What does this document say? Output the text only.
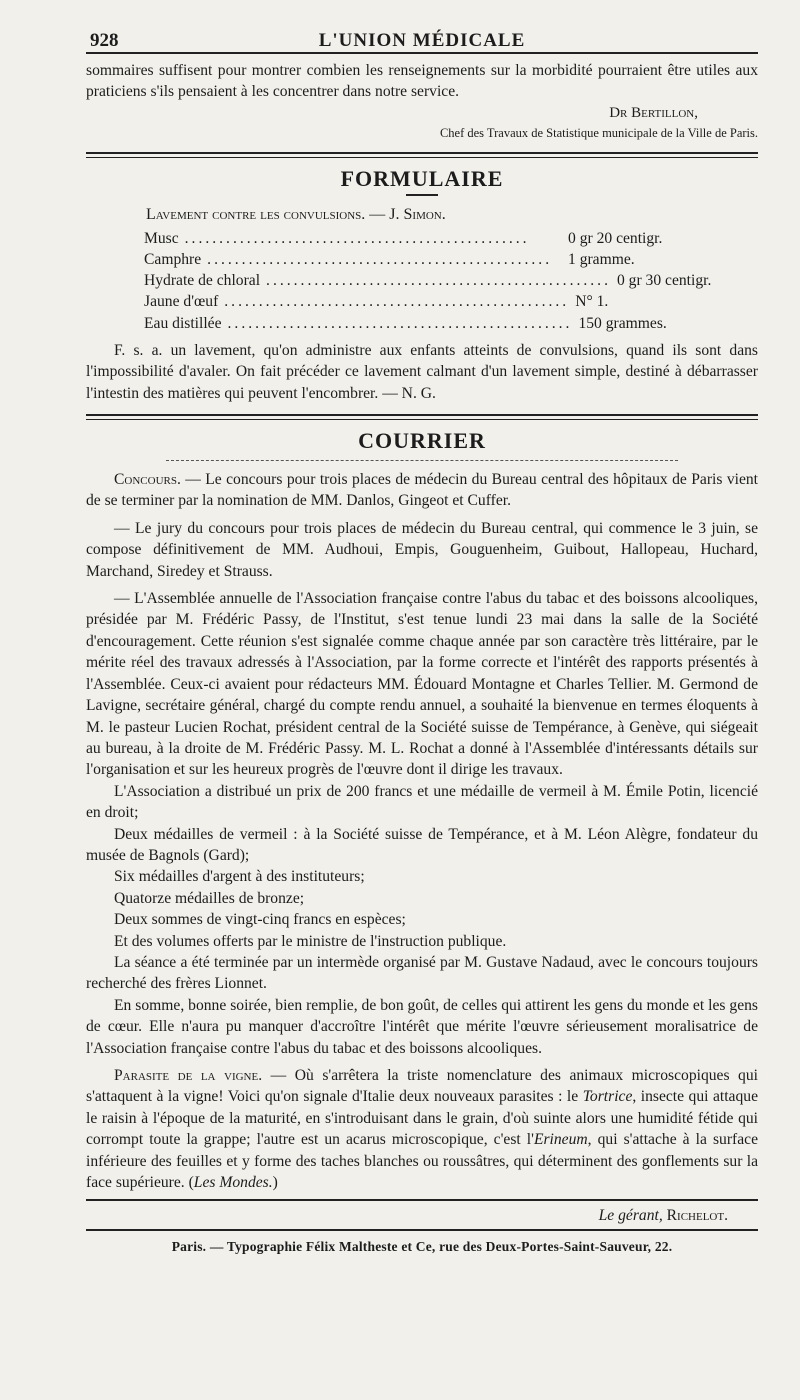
928	L'UNION MÉDICALE

sommaires suffisent pour montrer combien les renseignements sur la morbidité pourraient être utiles aux praticiens s'ils pensaient à les concentrer dans notre service.

Dr Bertillon,
Chef des Travaux de Statistique municipale de la Ville de Paris.
FORMULAIRE
Lavement contre les convulsions. — J. Simon.
Musc ..................................................	0 gr 20 centigr.
Camphre ..................................................	1 gramme.
Hydrate de chloral .................................................. 0 gr 30 centigr.
Jaune d'œuf .................................................. N° 1.
Eau distillée .................................................. 150 grammes.

F. s. a. un lavement, qu'on administre aux enfants atteints de convulsions, quand ils sont dans l'impossibilité d'avaler. On fait précéder ce lavement calmant d'un lavement simple, destiné à débarrasser l'intestin des matières qui peuvent l'encombrer. — N. G.

COURRIER

Concours. — Le concours pour trois places de médecin du Bureau central des hôpitaux de Paris vient de se terminer par la nomination de MM. Danlos, Gingeot et Cuffer.

— Le jury du concours pour trois places de médecin du Bureau central, qui commence le 3 juin, se compose définitivement de MM. Audhoui, Empis, Gouguenheim, Guibout, Hallopeau, Huchard, Marchand, Siredey et Strauss.

— L'Assemblée annuelle de l'Association française contre l'abus du tabac et des boissons alcooliques, présidée par M. Frédéric Passy, de l'Institut, s'est tenue lundi 23 mai dans la salle de la Société d'encouragement. Cette réunion s'est signalée comme chaque année par son caractère très littéraire, par le mérite réel des travaux adressés à l'Association, par la forme correcte et l'intérêt des rapports présentés à l'Assemblée. Ceux-ci avaient pour rédacteurs MM. Édouard Montagne et Charles Tellier. M. Germond de Lavigne, secrétaire général, chargé du compte rendu annuel, a souhaité la bienvenue en termes éloquents à M. le pasteur Lucien Rochat, président central de la Société suisse de Tempérance, à Genève, qui siégeait au bureau, à la droite de M. Frédéric Passy. M. L. Rochat a donné à l'Assemblée d'intéressants détails sur l'organisation et sur les heureux progrès de l'œuvre dont il dirige les travaux.

L'Association a distribué un prix de 200 francs et une médaille de vermeil à M. Émile Potin, licencié en droit;

Deux médailles de vermeil : à la Société suisse de Tempérance, et à M. Léon Alègre, fondateur du musée de Bagnols (Gard);

Six médailles d'argent à des instituteurs;

Quatorze médailles de bronze;

Deux sommes de vingt-cinq francs en espèces;

Et des volumes offerts par le ministre de l'instruction publique.

La séance a été terminée par un intermède organisé par M. Gustave Nadaud, avec le concours toujours recherché des frères Lionnet.

En somme, bonne soirée, bien remplie, de bon goût, de celles qui attirent les gens du monde et les gens de cœur. Elle n'aura pu manquer d'accroître l'intérêt que mérite l'œuvre sérieusement moralisatrice de l'Association française contre l'abus du tabac et des boissons alcooliques.

Parasite de la vigne. — Où s'arrêtera la triste nomenclature des animaux microscopiques qui s'attaquent à la vigne! Voici qu'on signale d'Italie deux nouveaux parasites : le Tortrice, insecte qui attaque le raisin à l'époque de la maturité, en s'introduisant dans le grain, d'où suinte alors une humidité fétide qui corrompt toute la grappe; l'autre est un acarus microscopique, c'est l'Erineum, qui s'attache à la surface inférieure des feuilles et y forme des taches blanches ou roussâtres, qui déterminent des gonflements sur la face supérieure. (Les Mondes.)

Le gérant, Richelot.
Paris. — Typographie Félix Maltheste et Ce, rue des Deux-Portes-Saint-Sauveur, 22.
